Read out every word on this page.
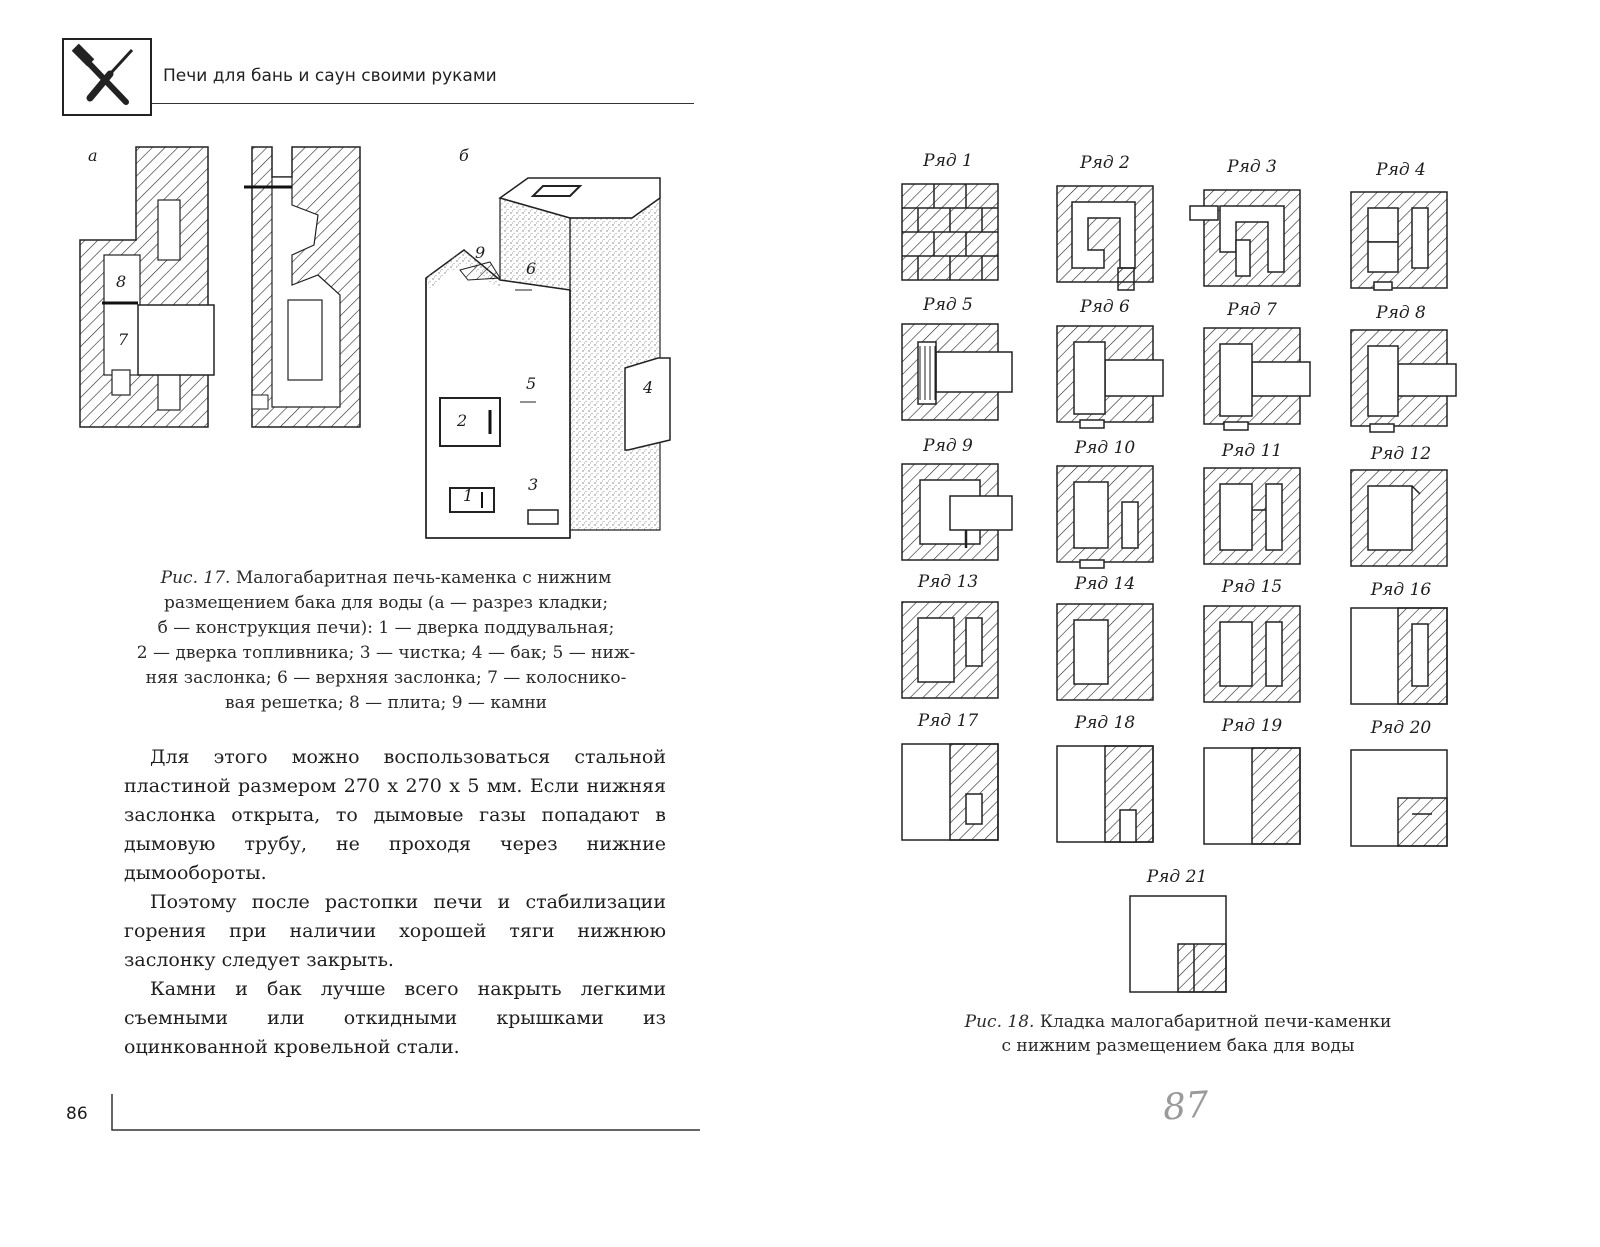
Печи для бань и саун своими руками
а	б
8
7
9
6
5	4
2
1
3
Рис. 17. Малогабаритная печь-каменка с нижним
размещением бака для воды (а — разрез кладки;
б — конструкция печи): 1 — дверка поддувальная;
2 — дверка топливника; 3 — чистка; 4 — бак; 5 — ниж-
няя заслонка; 6 — верхняя заслонка; 7 — колоснико-
вая решетка; 8 — плита; 9 — камни

Для этого можно воспользоваться стальной пластиной размером 270 x 270 x 5 мм. Если нижняя заслонка открыта, то дымовые газы попадают в дымовую трубу, не проходя через нижние дымообороты.

Поэтому после растопки печи и стабилизации горения при наличии хорошей тяги нижнюю заслонку следует закрыть.

Камни и бак лучше всего накрыть легкими съемными или откидными крышками из оцинкованной кровельной стали.

86
Ряд 1	Ряд 2	Ряд 3	Ряд 4
Ряд 5	Ряд 6	Ряд 7	Ряд 8
Ряд 9	Ряд 10	Ряд 11	Ряд 12
Ряд 13	Ряд 14	Ряд 15	Ряд 16
Ряд 17	Ряд 18	Ряд 19	Ряд 20
Ряд 21
Рис. 18. Кладка малогабаритной печи-каменки
с нижним размещением бака для воды
87
